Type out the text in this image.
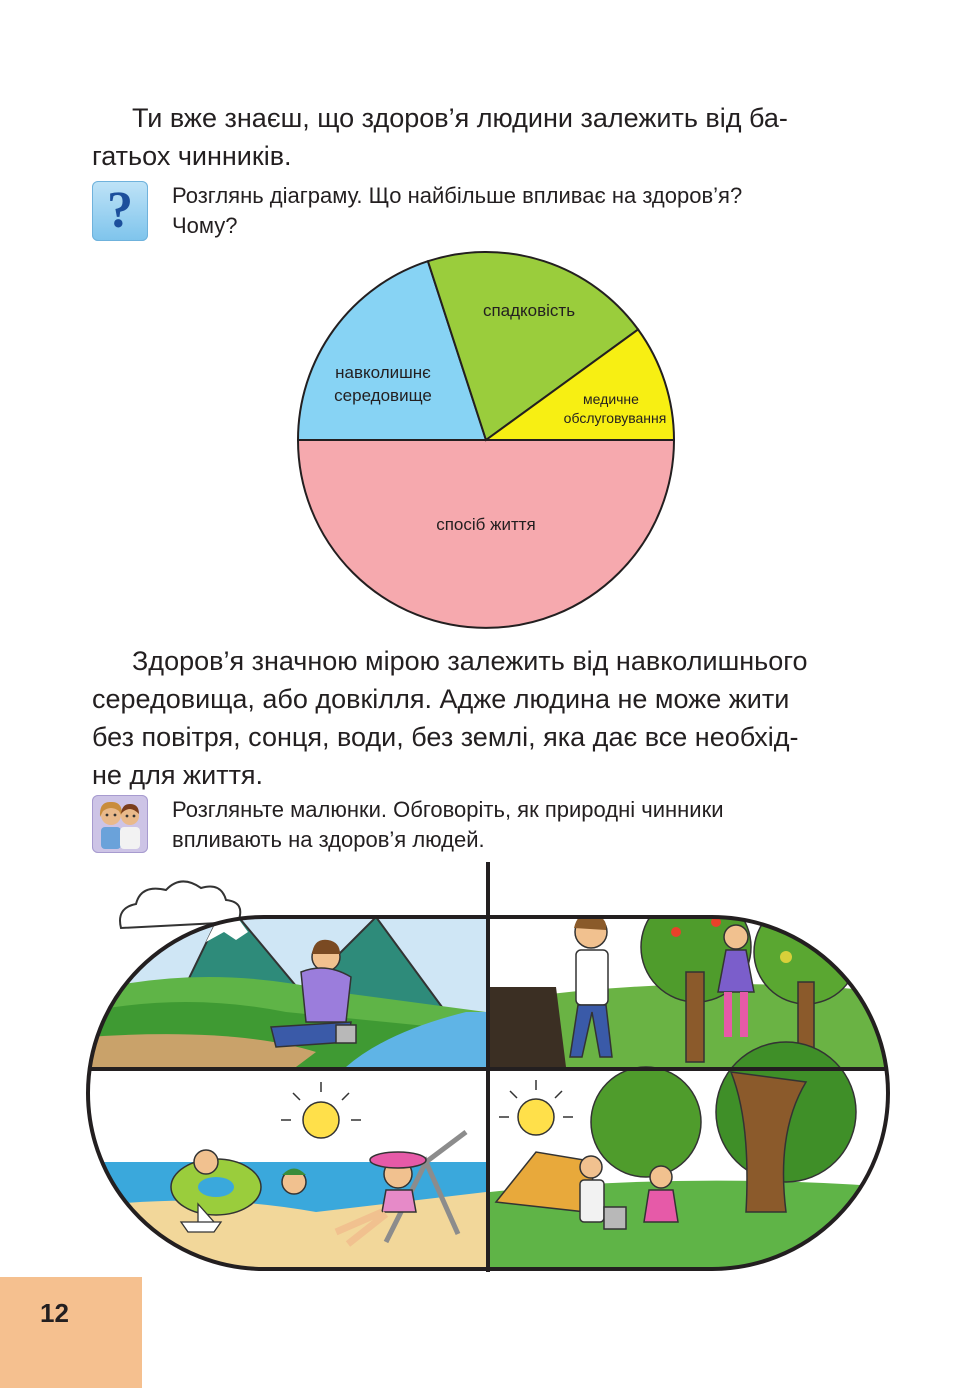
Ти вже знаєш, що здоров’я людини залежить від ба-
гатьох чинників.
?	Розглянь діаграму. Що найбільше впливає на здоров’я?
Чому?
спосіб життя
навколишнє
середовище
спадковість
медичне
обслуговування
Здоров’я значною мірою залежить від навколишнього
середовища, або довкілля. Адже людина не може жити
без повітря, сонця, води, без землі, яка дає все необхід-
не для життя.
Розгляньте малюнки. Обговоріть, як природні чинники
впливають на здоров’я людей.
12
